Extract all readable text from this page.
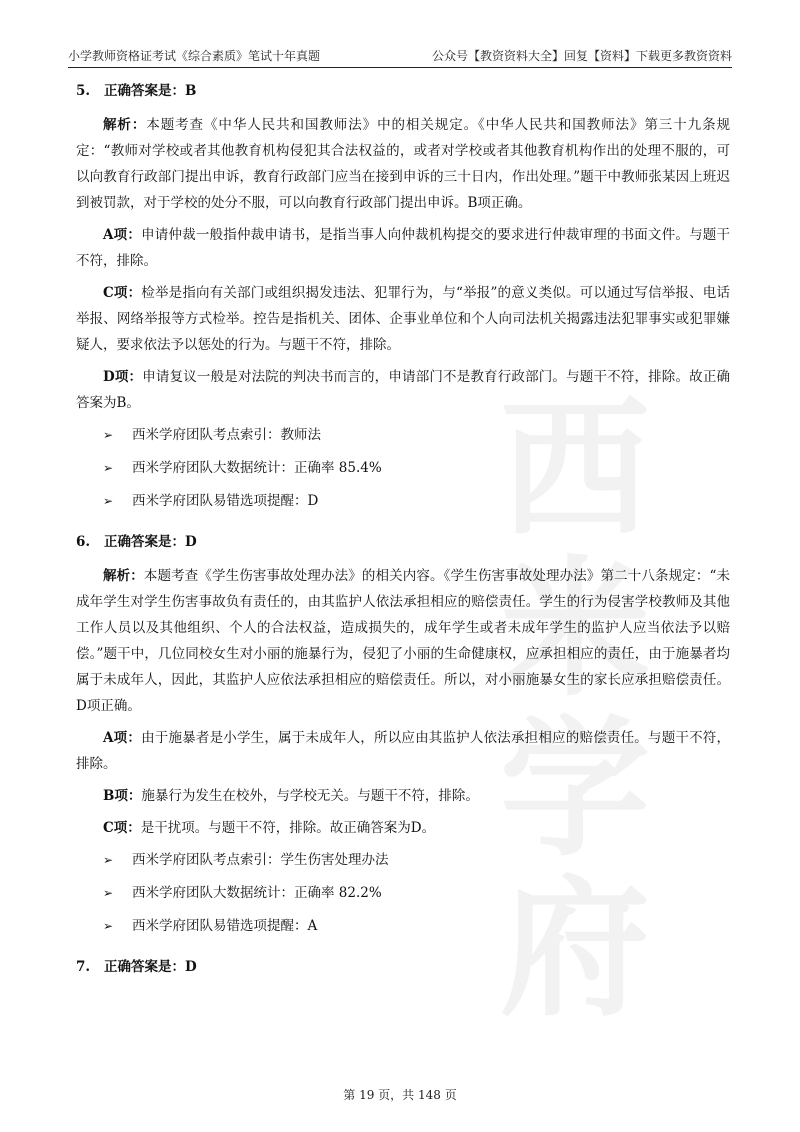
小学教师资格证考试《综合素质》笔试十年真题	公众号【教资资料大全】回复【资料】下载更多教资资料
西米
学府
5. 正确答案是：B

解析：本题考查《中华人民共和国教师法》中的相关规定。《中华人民共和国教师法》第三十九条规定：“教师对学校或者其他教育机构侵犯其合法权益的，或者对学校或者其他教育机构作出的处理不服的，可以向教育行政部门提出申诉，教育行政部门应当在接到申诉的三十日内，作出处理。”题干中教师张某因上班迟到被罚款，对于学校的处分不服，可以向教育行政部门提出申诉。B项正确。

A项：申请仲裁一般指仲裁申请书，是指当事人向仲裁机构提交的要求进行仲裁审理的书面文件。与题干不符，排除。

C项：检举是指向有关部门或组织揭发违法、犯罪行为，与“举报”的意义类似。可以通过写信举报、电话举报、网络举报等方式检举。控告是指机关、团体、企事业单位和个人向司法机关揭露违法犯罪事实或犯罪嫌疑人，要求依法予以惩处的行为。与题干不符，排除。

D项：申请复议一般是对法院的判决书而言的，申请部门不是教育行政部门。与题干不符，排除。故正确答案为B。

➢ 西米学府团队考点索引：教师法
➢ 西米学府团队大数据统计：正确率 85.4%
➢ 西米学府团队易错选项提醒：D
6. 正确答案是：D

解析：本题考查《学生伤害事故处理办法》的相关内容。《学生伤害事故处理办法》第二十八条规定：“未成年学生对学生伤害事故负有责任的，由其监护人依法承担相应的赔偿责任。学生的行为侵害学校教师及其他工作人员以及其他组织、个人的合法权益，造成损失的，成年学生或者未成年学生的监护人应当依法予以赔偿。”题干中，几位同校女生对小丽的施暴行为，侵犯了小丽的生命健康权，应承担相应的责任，由于施暴者均属于未成年人，因此，其监护人应依法承担相应的赔偿责任。所以，对小丽施暴女生的家长应承担赔偿责任。D项正确。

A项：由于施暴者是小学生，属于未成年人，所以应由其监护人依法承担相应的赔偿责任。与题干不符，排除。

B项：施暴行为发生在校外，与学校无关。与题干不符，排除。

C项：是干扰项。与题干不符，排除。故正确答案为D。

➢ 西米学府团队考点索引：学生伤害处理办法
➢ 西米学府团队大数据统计：正确率 82.2%
➢ 西米学府团队易错选项提醒：A
7. 正确答案是：D
第 19 页，共 148 页
